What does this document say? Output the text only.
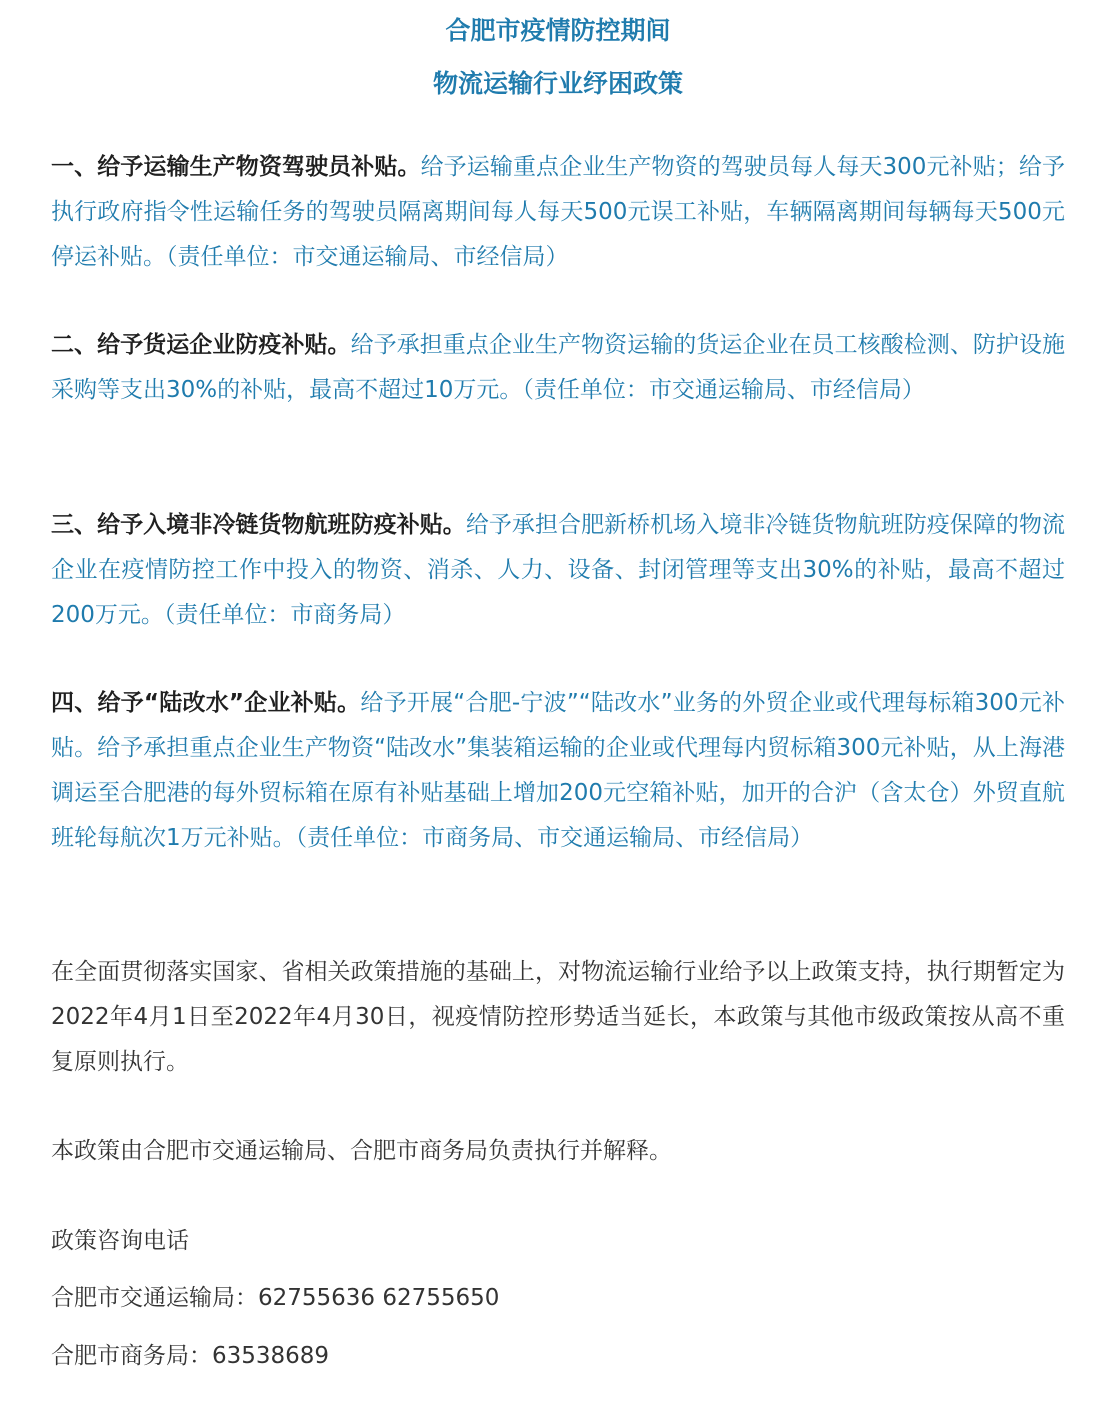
合肥市疫情防控期间
物流运输行业纾困政策

一、给予运输生产物资驾驶员补贴。给予运输重点企业生产物资的驾驶员每人每天300元补贴；给予执行政府指令性运输任务的驾驶员隔离期间每人每天500元误工补贴，车辆隔离期间每辆每天500元停运补贴。（责任单位：市交通运输局、市经信局）

二、给予货运企业防疫补贴。给予承担重点企业生产物资运输的货运企业在员工核酸检测、防护设施采购等支出30%的补贴，最高不超过10万元。（责任单位：市交通运输局、市经信局）

三、给予入境非冷链货物航班防疫补贴。给予承担合肥新桥机场入境非冷链货物航班防疫保障的物流企业在疫情防控工作中投入的物资、消杀、人力、设备、封闭管理等支出30%的补贴，最高不超过200万元。（责任单位：市商务局）

四、给予“陆改水”企业补贴。给予开展“合肥-宁波”“陆改水”业务的外贸企业或代理每标箱300元补贴。给予承担重点企业生产物资“陆改水”集装箱运输的企业或代理每内贸标箱300元补贴，从上海港调运至合肥港的每外贸标箱在原有补贴基础上增加200元空箱补贴，加开的合沪（含太仓）外贸直航班轮每航次1万元补贴。（责任单位：市商务局、市交通运输局、市经信局）

在全面贯彻落实国家、省相关政策措施的基础上，对物流运输行业给予以上政策支持，执行期暂定为2022年4月1日至2022年4月30日，视疫情防控形势适当延长，本政策与其他市级政策按从高不重复原则执行。

本政策由合肥市交通运输局、合肥市商务局负责执行并解释。

政策咨询电话

合肥市交通运输局：62755636 62755650

合肥市商务局：63538689
